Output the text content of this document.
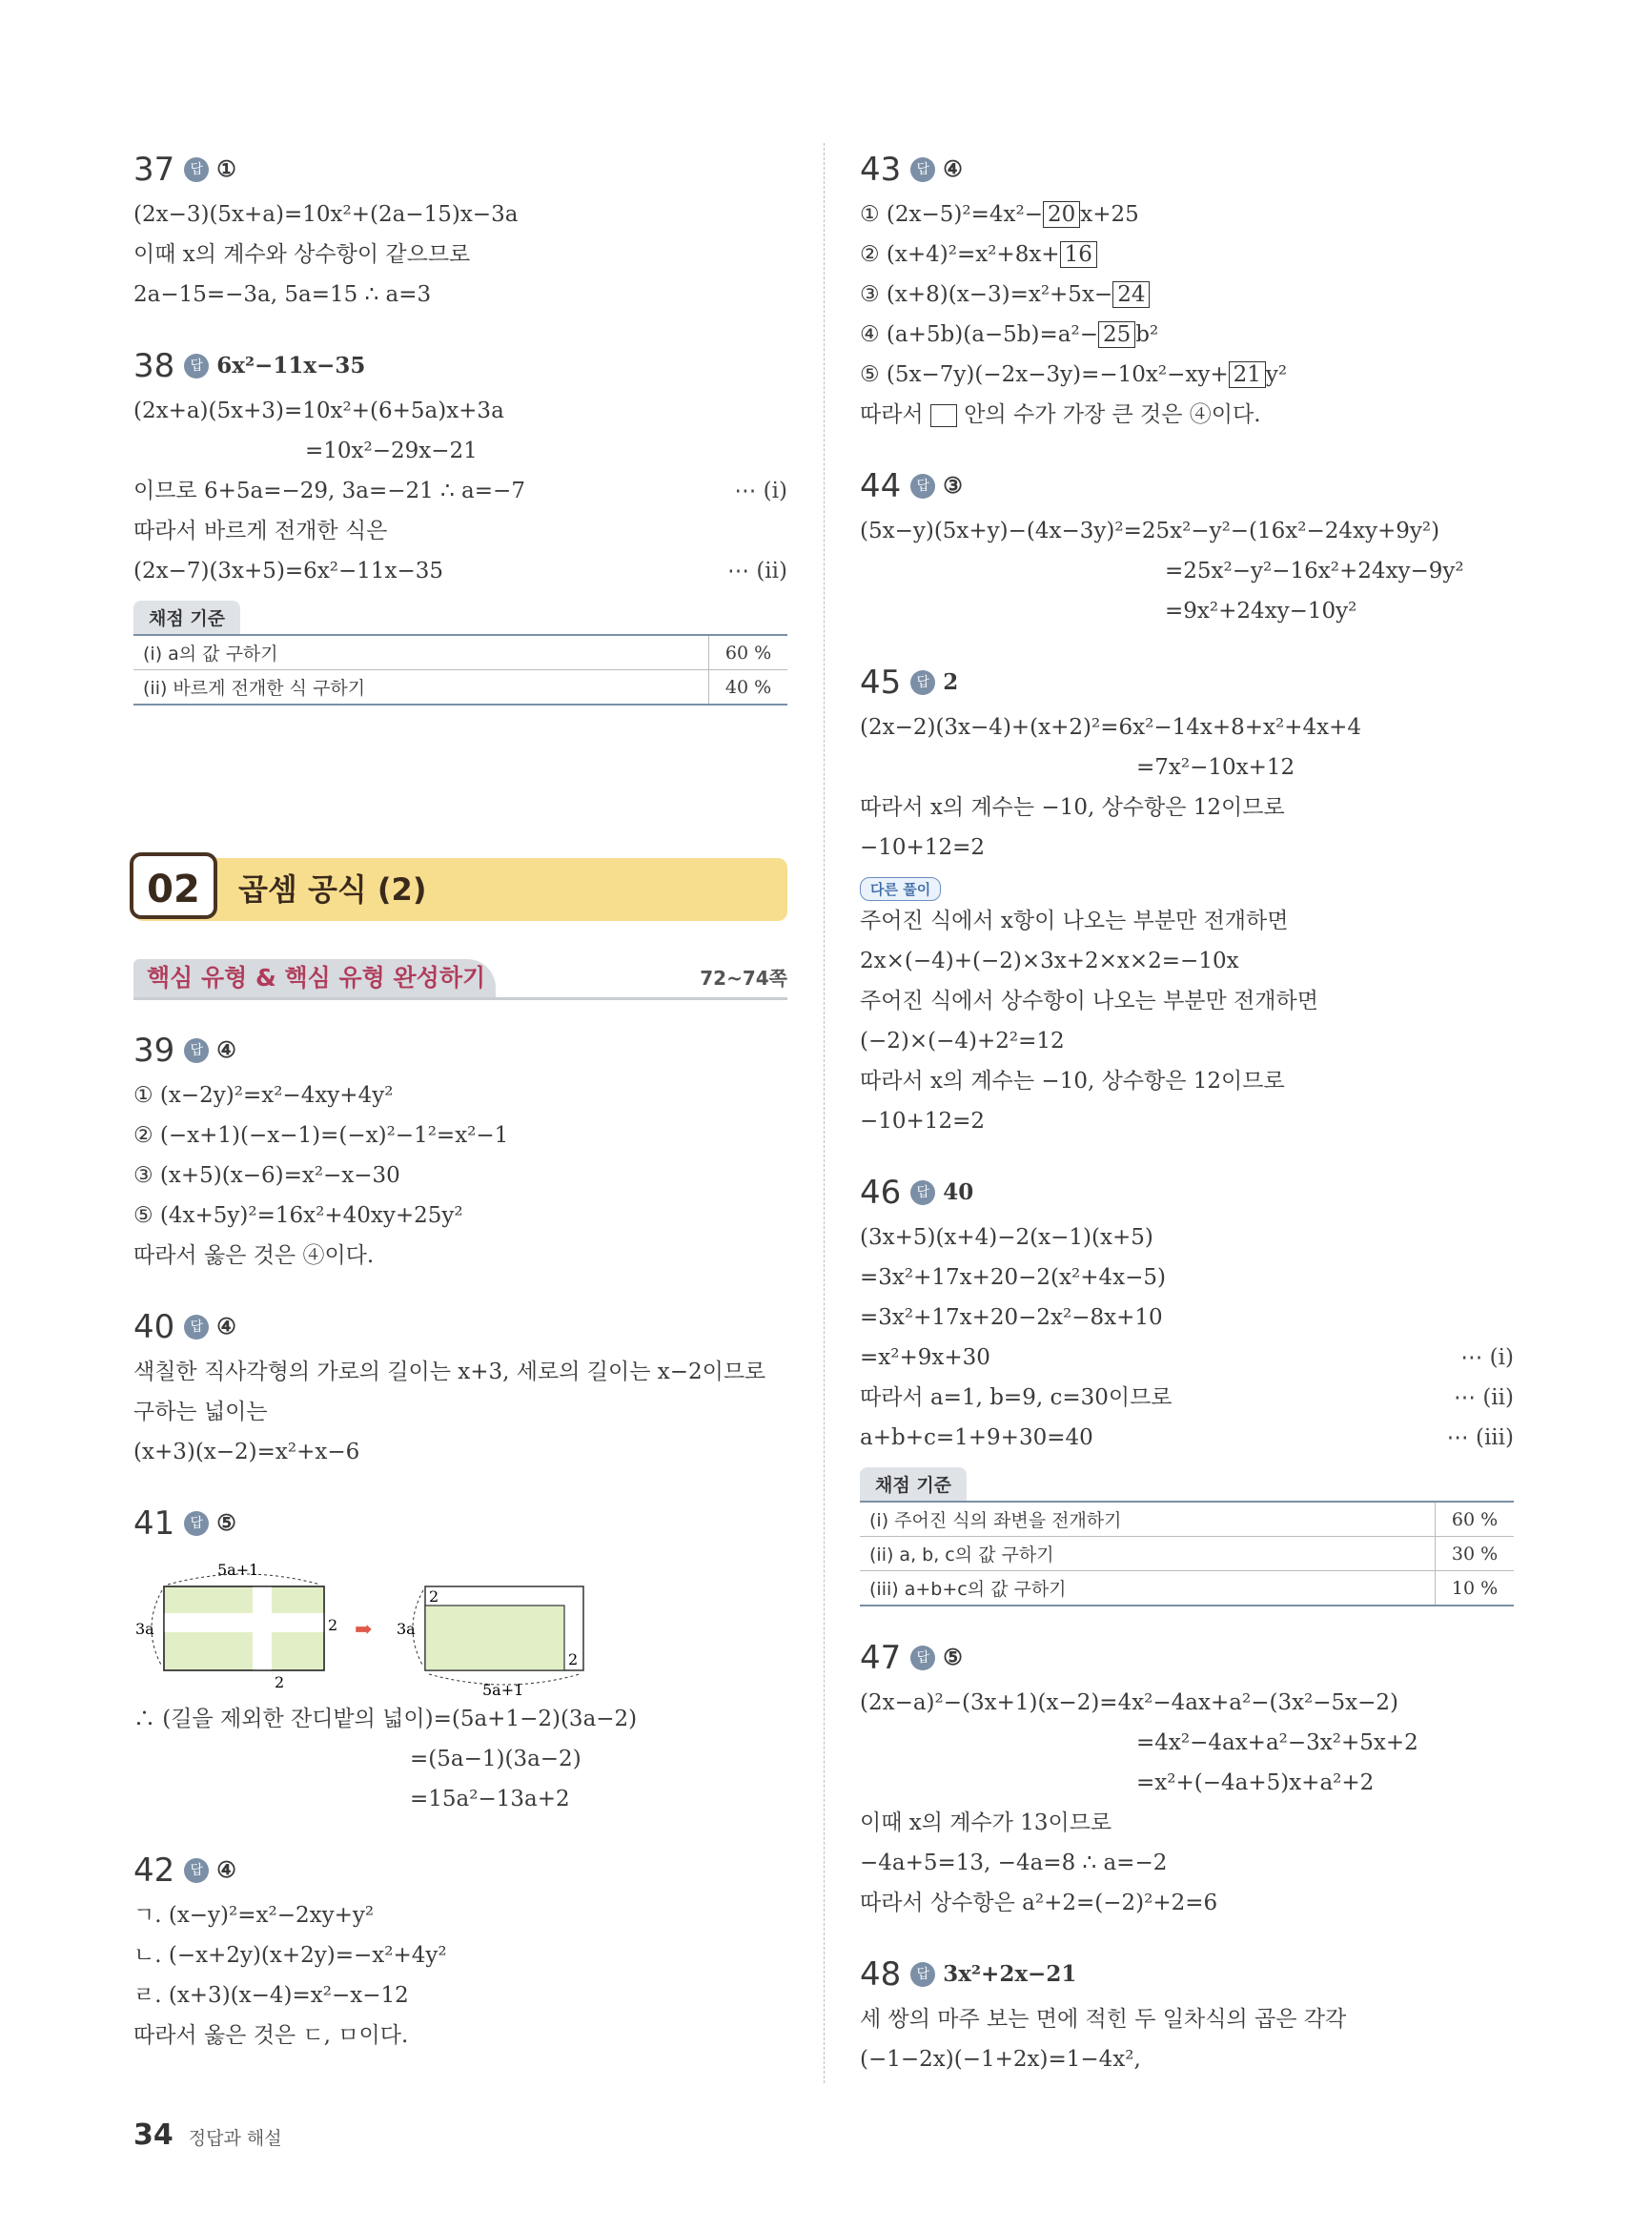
37 답 ①
(2x−3)(5x+a)=10x²+(2a−15)x−3a
이때 x의 계수와 상수항이 같으므로
2a−15=−3a, 5a=15 ∴ a=3
38 답 6x²−11x−35
(2x+a)(5x+3)=10x²+(6+5a)x+3a
=10x²−29x−21
이므로 6+5a=−29, 3a=−21 ∴ a=−7	⋯ (i)
따라서 바르게 전개한 식은
(2x−7)(3x+5)=6x²−11x−35	⋯ (ii)
채점 기준
(i) a의 값 구하기	60 %
(ii) 바르게 전개한 식 구하기	40 %
02	곱셈 공식 (2)
핵심 유형 & 핵심 유형 완성하기	72~74쪽
39 답 ④
① (x−2y)²=x²−4xy+4y²
② (−x+1)(−x−1)=(−x)²−1²=x²−1
③ (x+5)(x−6)=x²−x−30
⑤ (4x+5y)²=16x²+40xy+25y²
따라서 옳은 것은 ④이다.
40 답 ④
색칠한 직사각형의 가로의 길이는 x+3, 세로의 길이는 x−2이므로
구하는 넓이는
(x+3)(x−2)=x²+x−6
41 답 ⑤
5a+1
3a	2
2
➡ 3a
2
2
5a+1
∴ (길을 제외한 잔디밭의 넓이)=(5a+1−2)(3a−2)
=(5a−1)(3a−2)
=15a²−13a+2
42 답 ④
ㄱ. (x−y)²=x²−2xy+y²
ㄴ. (−x+2y)(x+2y)=−x²+4y²
ㄹ. (x+3)(x−4)=x²−x−12
따라서 옳은 것은 ㄷ, ㅁ이다.
43 답 ④
① (2x−5)²=4x²− 20 x+25
② (x+4)²=x²+8x+ 16
③ (x+8)(x−3)=x²+5x− 24
④ (a+5b)(a−5b)=a²− 25 b²
⑤ (5x−7y)(−2x−3y)=−10x²−xy+ 21 y²
따라서  안의 수가 가장 큰 것은 ④이다.
44 답 ③
(5x−y)(5x+y)−(4x−3y)²=25x²−y²−(16x²−24xy+9y²)
=25x²−y²−16x²+24xy−9y²
=9x²+24xy−10y²
45 답 2
(2x−2)(3x−4)+(x+2)²=6x²−14x+8+x²+4x+4
=7x²−10x+12
따라서 x의 계수는 −10, 상수항은 12이므로
−10+12=2
다른 풀이
주어진 식에서 x항이 나오는 부분만 전개하면
2x×(−4)+(−2)×3x+2×x×2=−10x
주어진 식에서 상수항이 나오는 부분만 전개하면
(−2)×(−4)+2²=12
따라서 x의 계수는 −10, 상수항은 12이므로
−10+12=2
46 답 40
(3x+5)(x+4)−2(x−1)(x+5)
=3x²+17x+20−2(x²+4x−5)
=3x²+17x+20−2x²−8x+10
=x²+9x+30	⋯ (i)
따라서 a=1, b=9, c=30이므로	⋯ (ii)
a+b+c=1+9+30=40	⋯ (iii)
채점 기준
(i) 주어진 식의 좌변을 전개하기	60 %
(ii) a, b, c의 값 구하기	30 %
(iii) a+b+c의 값 구하기	10 %
47 답 ⑤
(2x−a)²−(3x+1)(x−2)=4x²−4ax+a²−(3x²−5x−2)
=4x²−4ax+a²−3x²+5x+2
=x²+(−4a+5)x+a²+2
이때 x의 계수가 13이므로
−4a+5=13, −4a=8 ∴ a=−2
따라서 상수항은 a²+2=(−2)²+2=6
48 답 3x²+2x−21
세 쌍의 마주 보는 면에 적힌 두 일차식의 곱은 각각
(−1−2x)(−1+2x)=1−4x²,
34 정답과 해설
